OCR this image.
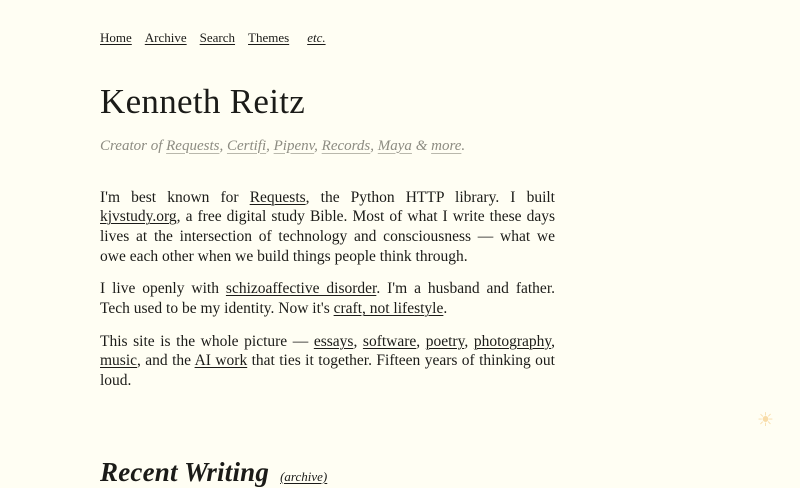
Home Archive Search Themes etc.
Kenneth Reitz
Creator of Requests, Certifi, Pipenv, Records, Maya & more.

I'm best known for Requests, the Python HTTP library. I built kjvstudy.org, a free digital study Bible. Most of what I write these days lives at the intersection of technology and consciousness — what we owe each other when we build things people think through.

I live openly with schizoaffective disorder. I'm a husband and father. Tech used to be my identity. Now it's craft, not lifestyle.

This site is the whole picture — essays, software, poetry, photography, music, and the AI work that ties it together. Fifteen years of thinking out loud.

Recent Writing (archive)
☀
